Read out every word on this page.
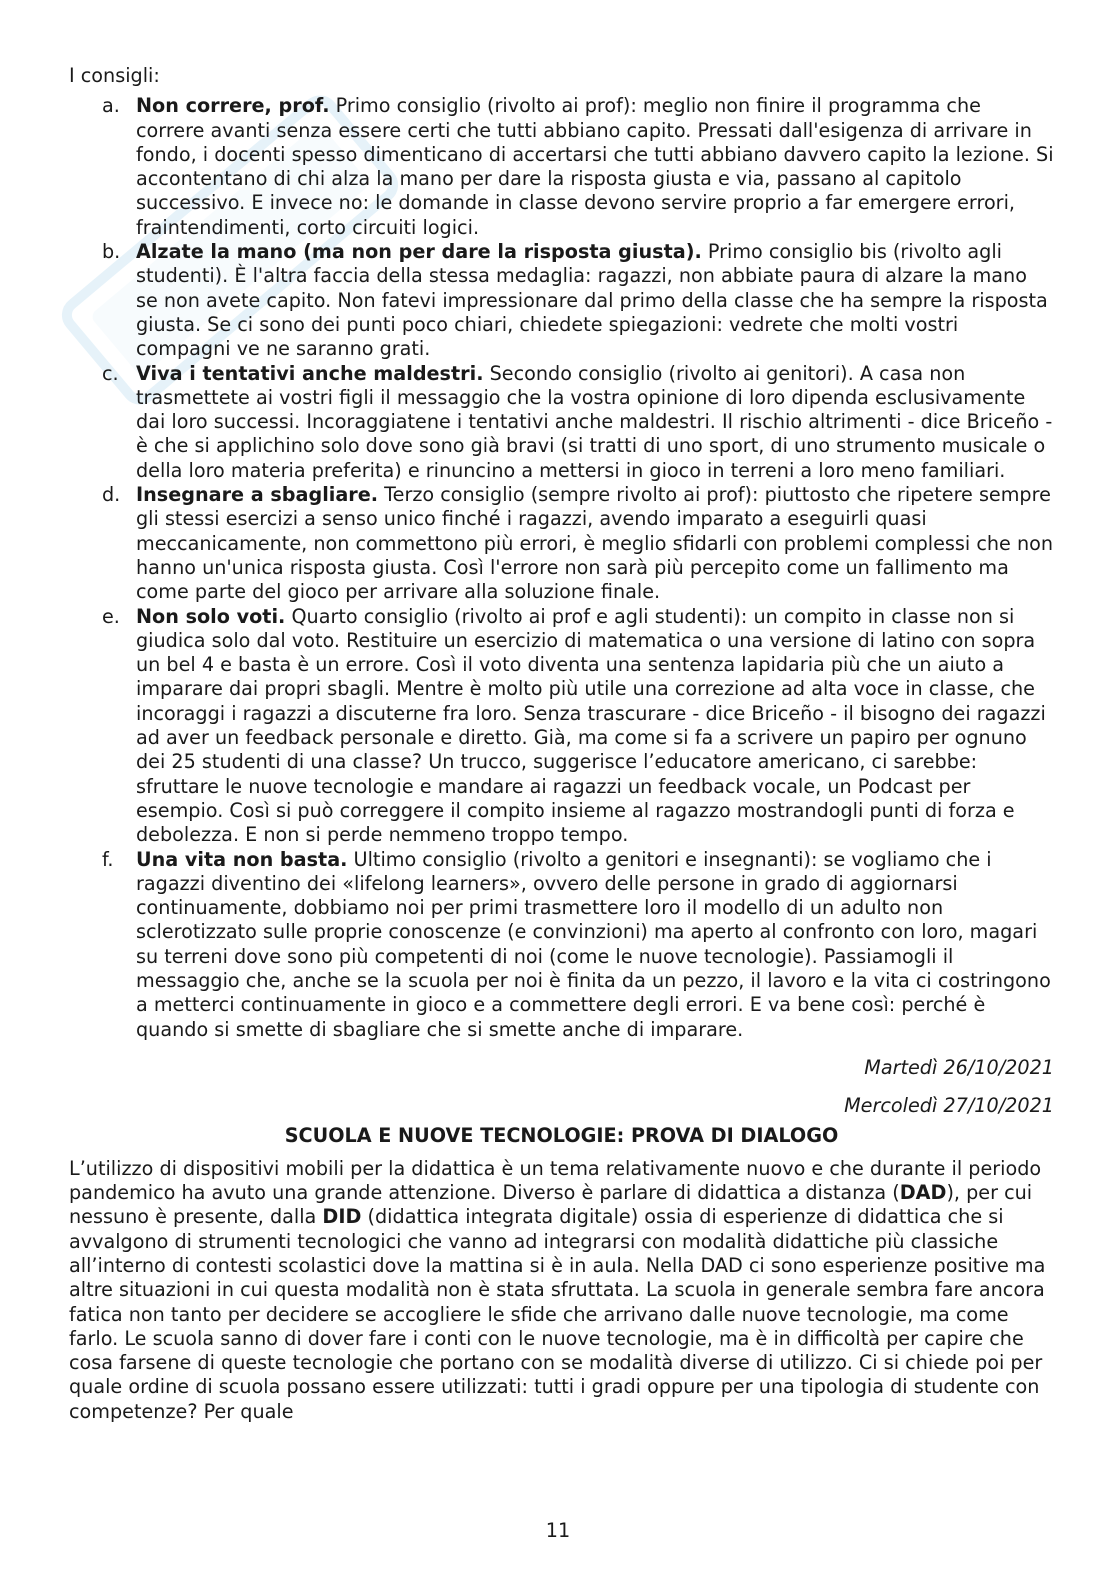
I consigli:

a. Non correre, prof. Primo consiglio (rivolto ai prof): meglio non finire il programma che correre avanti senza essere certi che tutti abbiano capito. Pressati dall'esigenza di arrivare in fondo, i docenti spesso dimenticano di accertarsi che tutti abbiano davvero capito la lezione. Si accontentano di chi alza la mano per dare la risposta giusta e via, passano al capitolo successivo. E invece no: le domande in classe devono servire proprio a far emergere errori, fraintendimenti, corto circuiti logici.
b. Alzate la mano (ma non per dare la risposta giusta). Primo consiglio bis (rivolto agli studenti). È l'altra faccia della stessa medaglia: ragazzi, non abbiate paura di alzare la mano se non avete capito. Non fatevi impressionare dal primo della classe che ha sempre la risposta giusta. Se ci sono dei punti poco chiari, chiedete spiegazioni: vedrete che molti vostri compagni ve ne saranno grati.
c. Viva i tentativi anche maldestri. Secondo consiglio (rivolto ai genitori). A casa non trasmettete ai vostri figli il messaggio che la vostra opinione di loro dipenda esclusivamente dai loro successi. Incoraggiatene i tentativi anche maldestri. Il rischio altrimenti - dice Briceño - è che si applichino solo dove sono già bravi (si tratti di uno sport, di uno strumento musicale o della loro materia preferita) e rinuncino a mettersi in gioco in terreni a loro meno familiari.
d. Insegnare a sbagliare. Terzo consiglio (sempre rivolto ai prof): piuttosto che ripetere sempre gli stessi esercizi a senso unico finché i ragazzi, avendo imparato a eseguirli quasi meccanicamente, non commettono più errori, è meglio sfidarli con problemi complessi che non hanno un'unica risposta giusta. Così l'errore non sarà più percepito come un fallimento ma come parte del gioco per arrivare alla soluzione finale.
e. Non solo voti. Quarto consiglio (rivolto ai prof e agli studenti): un compito in classe non si giudica solo dal voto. Restituire un esercizio di matematica o una versione di latino con sopra un bel 4 e basta è un errore. Così il voto diventa una sentenza lapidaria più che un aiuto a imparare dai propri sbagli. Mentre è molto più utile una correzione ad alta voce in classe, che incoraggi i ragazzi a discuterne fra loro. Senza trascurare - dice Briceño - il bisogno dei ragazzi ad aver un feedback personale e diretto. Già, ma come si fa a scrivere un papiro per ognuno dei 25 studenti di una classe? Un trucco, suggerisce l’educatore americano, ci sarebbe: sfruttare le nuove tecnologie e mandare ai ragazzi un feedback vocale, un Podcast per esempio. Così si può correggere il compito insieme al ragazzo mostrandogli punti di forza e debolezza. E non si perde nemmeno troppo tempo.
f. Una vita non basta. Ultimo consiglio (rivolto a genitori e insegnanti): se vogliamo che i ragazzi diventino dei «lifelong learners», ovvero delle persone in grado di aggiornarsi continuamente, dobbiamo noi per primi trasmettere loro il modello di un adulto non sclerotizzato sulle proprie conoscenze (e convinzioni) ma aperto al confronto con loro, magari su terreni dove sono più competenti di noi (come le nuove tecnologie). Passiamogli il messaggio che, anche se la scuola per noi è finita da un pezzo, il lavoro e la vita ci costringono a metterci continuamente in gioco e a commettere degli errori. E va bene così: perché è quando si smette di sbagliare che si smette anche di imparare.
Martedì 26/10/2021
Mercoledì 27/10/2021
SCUOLA E NUOVE TECNOLOGIE: PROVA DI DIALOGO

L’utilizzo di dispositivi mobili per la didattica è un tema relativamente nuovo e che durante il periodo pandemico ha avuto una grande attenzione. Diverso è parlare di didattica a distanza (DAD), per cui nessuno è presente, dalla DID (didattica integrata digitale) ossia di esperienze di didattica che si avvalgono di strumenti tecnologici che vanno ad integrarsi con modalità didattiche più classiche all’interno di contesti scolastici dove la mattina si è in aula. Nella DAD ci sono esperienze positive ma altre situazioni in cui questa modalità non è stata sfruttata. La scuola in generale sembra fare ancora fatica non tanto per decidere se accogliere le sfide che arrivano dalle nuove tecnologie, ma come farlo. Le scuola sanno di dover fare i conti con le nuove tecnologie, ma è in difficoltà per capire che cosa farsene di queste tecnologie che portano con se modalità diverse di utilizzo. Ci si chiede poi per quale ordine di scuola possano essere utilizzati: tutti i gradi oppure per una tipologia di studente con competenze? Per quale

11
